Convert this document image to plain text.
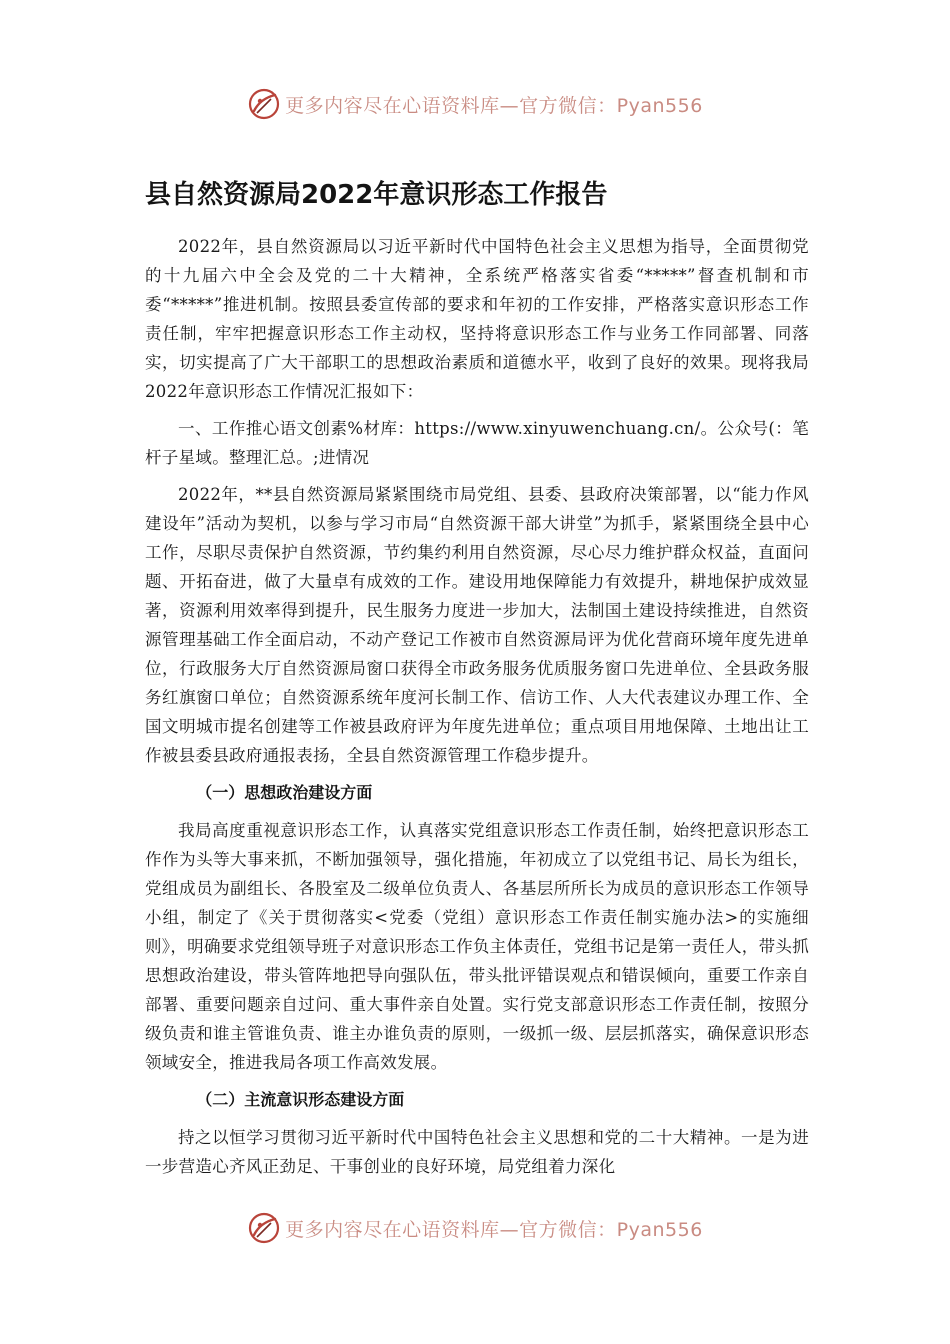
更多内容尽在心语资料库—官方微信：Pyan556
县自然资源局2022年意识形态工作报告

2022年，县自然资源局以习近平新时代中国特色社会主义思想为指导，全面贯彻党的十九届六中全会及党的二十大精神，全系统严格落实省委“*****”督查机制和市委“*****”推进机制。按照县委宣传部的要求和年初的工作安排，严格落实意识形态工作责任制，牢牢把握意识形态工作主动权，坚持将意识形态工作与业务工作同部署、同落实，切实提高了广大干部职工的思想政治素质和道德水平，收到了良好的效果。现将我局2022年意识形态工作情况汇报如下：

一、工作推心语文创素%材库：https://www.xinyuwenchuang.cn/。公众号(：笔杆子星域。整理汇总。;进情况

2022年，**县自然资源局紧紧围绕市局党组、县委、县政府决策部署，以“能力作风建设年”活动为契机，以参与学习市局“自然资源干部大讲堂”为抓手，紧紧围绕全县中心工作，尽职尽责保护自然资源，节约集约利用自然资源，尽心尽力维护群众权益，直面问题、开拓奋进，做了大量卓有成效的工作。建设用地保障能力有效提升，耕地保护成效显著，资源利用效率得到提升，民生服务力度进一步加大，法制国土建设持续推进，自然资源管理基础工作全面启动，不动产登记工作被市自然资源局评为优化营商环境年度先进单位，行政服务大厅自然资源局窗口获得全市政务服务优质服务窗口先进单位、全县政务服务红旗窗口单位；自然资源系统年度河长制工作、信访工作、人大代表建议办理工作、全国文明城市提名创建等工作被县政府评为年度先进单位；重点项目用地保障、土地出让工作被县委县政府通报表扬，全县自然资源管理工作稳步提升。

（一）思想政治建设方面

我局高度重视意识形态工作，认真落实党组意识形态工作责任制，始终把意识形态工作作为头等大事来抓，不断加强领导，强化措施，年初成立了以党组书记、局长为组长，党组成员为副组长、各股室及二级单位负责人、各基层所所长为成员的意识形态工作领导小组，制定了《关于贯彻落实<党委（党组）意识形态工作责任制实施办法>的实施细则》，明确要求党组领导班子对意识形态工作负主体责任，党组书记是第一责任人，带头抓思想政治建设，带头管阵地把导向强队伍，带头批评错误观点和错误倾向，重要工作亲自部署、重要问题亲自过问、重大事件亲自处置。实行党支部意识形态工作责任制，按照分级负责和谁主管谁负责、谁主办谁负责的原则，一级抓一级、层层抓落实，确保意识形态领域安全，推进我局各项工作高效发展。

（二）主流意识形态建设方面

持之以恒学习贯彻习近平新时代中国特色社会主义思想和党的二十大精神。一是为进一步营造心齐风正劲足、干事创业的良好环境，局党组着力深化

更多内容尽在心语资料库—官方微信：Pyan556
